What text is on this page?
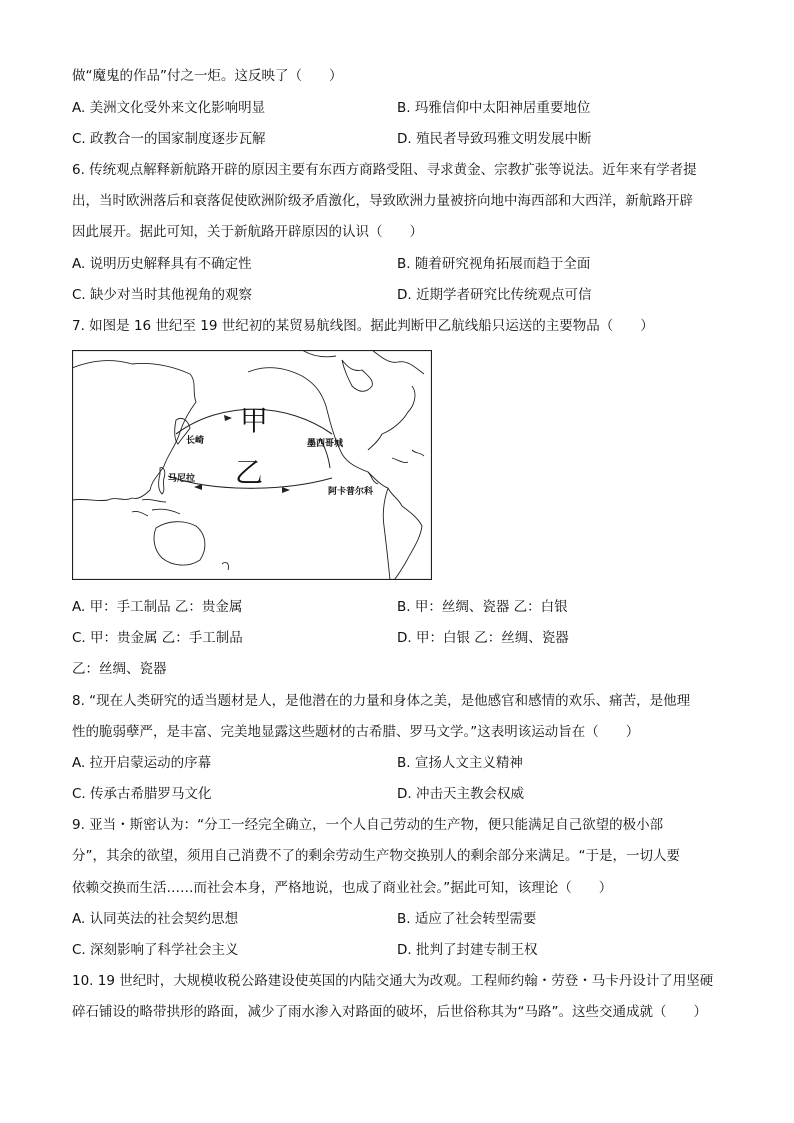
做“魔鬼的作品”付之一炬。这反映了（　　）
A. 美洲文化受外来文化影响明显	B. 玛雅信仰中太阳神居重要地位
C. 政教合一的国家制度逐步瓦解	D. 殖民者导致玛雅文明发展中断
6. 传统观点解释新航路开辟的原因主要有东西方商路受阻、寻求黄金、宗教扩张等说法。近年来有学者提
出，当时欧洲落后和衰落促使欧洲阶级矛盾激化，导致欧洲力量被挤向地中海西部和大西洋，新航路开辟
因此展开。据此可知，关于新航路开辟原因的认识（　　）
A. 说明历史解释具有不确定性	B. 随着研究视角拓展而趋于全面
C. 缺少对当时其他视角的观察	D. 近期学者研究比传统观点可信
7. 如图是 16 世纪至 19 世纪初的某贸易航线图。据此判断甲乙航线船只运送的主要物品（　　）
甲
乙
长崎
马尼拉
墨西哥城
阿卡普尔科
A. 甲：手工制品 乙：贵金属	B. 甲：丝绸、瓷器 乙：白银
C. 甲：贵金属 乙：手工制品	D. 甲：白银 乙：丝绸、瓷器
乙：丝绸、瓷器
8. “现在人类研究的适当题材是人，是他潜在的力量和身体之美，是他感官和感情的欢乐、痛苦，是他理
性的脆弱孽严，是丰富、完美地显露这些题材的古希腊、罗马文学。”这表明该运动旨在（　　）
A. 拉开启蒙运动的序幕	B. 宣扬人文主义精神
C. 传承古希腊罗马文化	D. 冲击天主教会权威
9. 亚当・斯密认为：“分工一经完全确立，一个人自己劳动的生产物，便只能满足自己欲望的极小部
分”，其余的欲望，须用自己消费不了的剩余劳动生产物交换别人的剩余部分来满足。“于是，一切人要
依赖交换而生活……而社会本身，严格地说，也成了商业社会。”据此可知，该理论（　　）
A. 认同英法的社会契约思想	B. 适应了社会转型需要
C. 深刻影响了科学社会主义	D. 批判了封建专制王权
10. 19 世纪时，大规模收税公路建设使英国的内陆交通大为改观。工程师约翰・劳登・马卡丹设计了用坚硬
碎石铺设的略带拱形的路面，减少了雨水渗入对路面的破坏，后世俗称其为“马路”。这些交通成就（　　）
